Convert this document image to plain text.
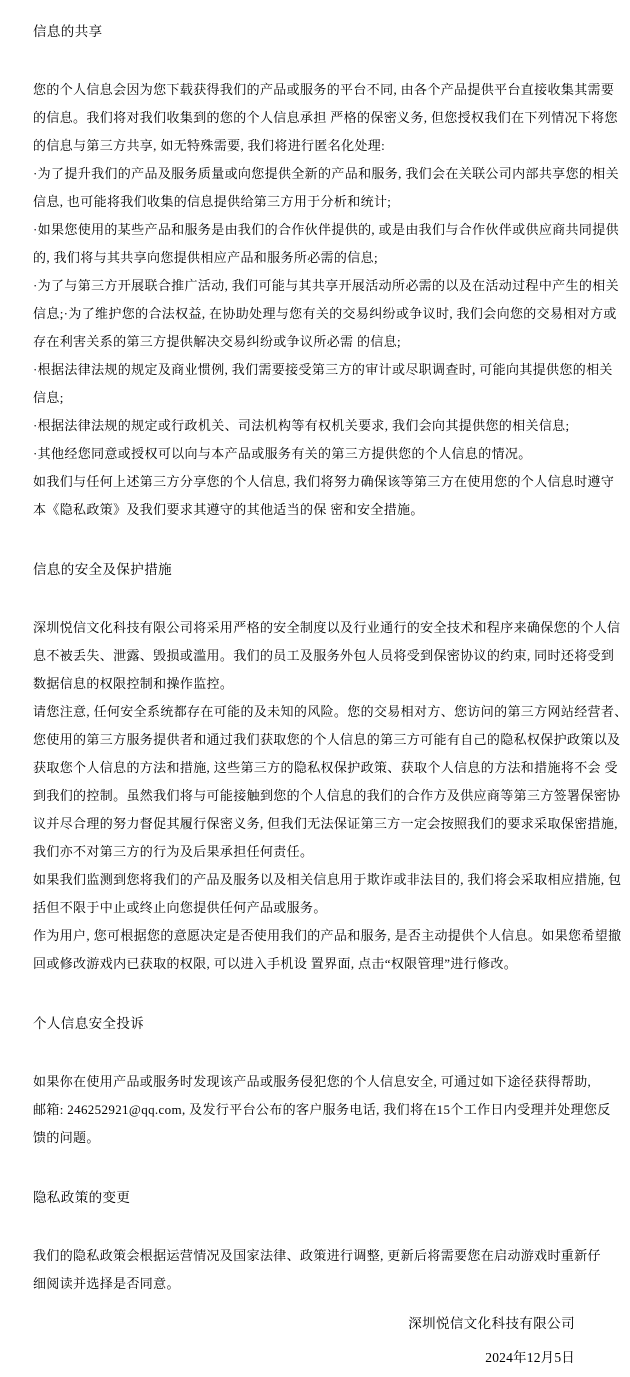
信息的共享
您的个人信息会因为您下载获得我们的产品或服务的平台不同, 由各个产品提供平台直接收集其需要
的信息。我们将对我们收集到的您的个人信息承担 严格的保密义务, 但您授权我们在下列情况下将您
的信息与第三方共享, 如无特殊需要, 我们将进行匿名化处理:
·为了提升我们的产品及服务质量或向您提供全新的产品和服务, 我们会在关联公司内部共享您的相关
信息, 也可能将我们收集的信息提供给第三方用于分析和统计;
·如果您使用的某些产品和服务是由我们的合作伙伴提供的, 或是由我们与合作伙伴或供应商共同提供
的, 我们将与其共享向您提供相应产品和服务所必需的信息;
·为了与第三方开展联合推广活动, 我们可能与其共享开展活动所必需的以及在活动过程中产生的相关
信息;·为了维护您的合法权益, 在协助处理与您有关的交易纠纷或争议时, 我们会向您的交易相对方或
存在利害关系的第三方提供解决交易纠纷或争议所必需 的信息;
·根据法律法规的规定及商业惯例, 我们需要接受第三方的审计或尽职调查时, 可能向其提供您的相关
信息;
·根据法律法规的规定或行政机关、司法机构等有权机关要求, 我们会向其提供您的相关信息;
·其他经您同意或授权可以向与本产品或服务有关的第三方提供您的个人信息的情况。
如我们与任何上述第三方分享您的个人信息, 我们将努力确保该等第三方在使用您的个人信息时遵守
本《隐私政策》及我们要求其遵守的其他适当的保 密和安全措施。
信息的安全及保护措施
深圳悦信文化科技有限公司将采用严格的安全制度以及行业通行的安全技术和程序来确保您的个人信
息不被丢失、泄露、毁损或滥用。我们的员工及服务外包人员将受到保密协议的约束, 同时还将受到
数据信息的权限控制和操作监控。
请您注意, 任何安全系统都存在可能的及未知的风险。您的交易相对方、您访问的第三方网站经营者、
您使用的第三方服务提供者和通过我们获取您的个人信息的第三方可能有自己的隐私权保护政策以及
获取您个人信息的方法和措施, 这些第三方的隐私权保护政策、获取个人信息的方法和措施将不会 受
到我们的控制。虽然我们将与可能接触到您的个人信息的我们的合作方及供应商等第三方签署保密协
议并尽合理的努力督促其履行保密义务, 但我们无法保证第三方一定会按照我们的要求采取保密措施,
我们亦不对第三方的行为及后果承担任何责任。
如果我们监测到您将我们的产品及服务以及相关信息用于欺诈或非法目的, 我们将会采取相应措施, 包
括但不限于中止或终止向您提供任何产品或服务。
作为用户, 您可根据您的意愿决定是否使用我们的产品和服务, 是否主动提供个人信息。如果您希望撤
回或修改游戏内已获取的权限, 可以进入手机设 置界面, 点击“权限管理”进行修改。
个人信息安全投诉
如果你在使用产品或服务时发现该产品或服务侵犯您的个人信息安全, 可通过如下途径获得帮助,
邮箱: 246252921@qq.com, 及发行平台公布的客户服务电话, 我们将在15个工作日内受理并处理您反
馈的问题。
隐私政策的变更
我们的隐私政策会根据运营情况及国家法律、政策进行调整, 更新后将需要您在启动游戏时重新仔
细阅读并选择是否同意。
深圳悦信文化科技有限公司
2024年12月5日
